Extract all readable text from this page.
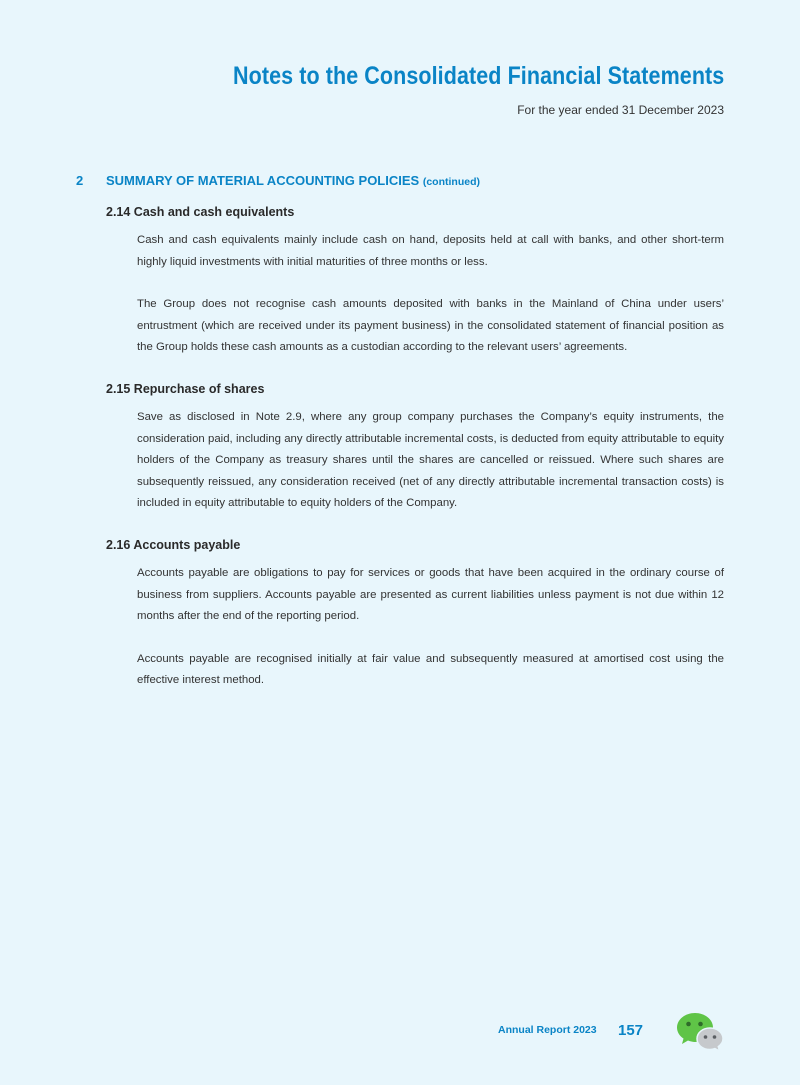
Notes to the Consolidated Financial Statements

For the year ended 31 December 2023

2 SUMMARY OF MATERIAL ACCOUNTING POLICIES (continued)
2.14 Cash and cash equivalents

Cash and cash equivalents mainly include cash on hand, deposits held at call with banks, and other short-term highly liquid investments with initial maturities of three months or less.

The Group does not recognise cash amounts deposited with banks in the Mainland of China under users’ entrustment (which are received under its payment business) in the consolidated statement of financial position as the Group holds these cash amounts as a custodian according to the relevant users’ agreements.

2.15 Repurchase of shares

Save as disclosed in Note 2.9, where any group company purchases the Company’s equity instruments, the consideration paid, including any directly attributable incremental costs, is deducted from equity attributable to equity holders of the Company as treasury shares until the shares are cancelled or reissued. Where such shares are subsequently reissued, any consideration received (net of any directly attributable incremental transaction costs) is included in equity attributable to equity holders of the Company.

2.16 Accounts payable

Accounts payable are obligations to pay for services or goods that have been acquired in the ordinary course of business from suppliers. Accounts payable are presented as current liabilities unless payment is not due within 12 months after the end of the reporting period.

Accounts payable are recognised initially at fair value and subsequently measured at amortised cost using the effective interest method.

Annual Report 2023 157
